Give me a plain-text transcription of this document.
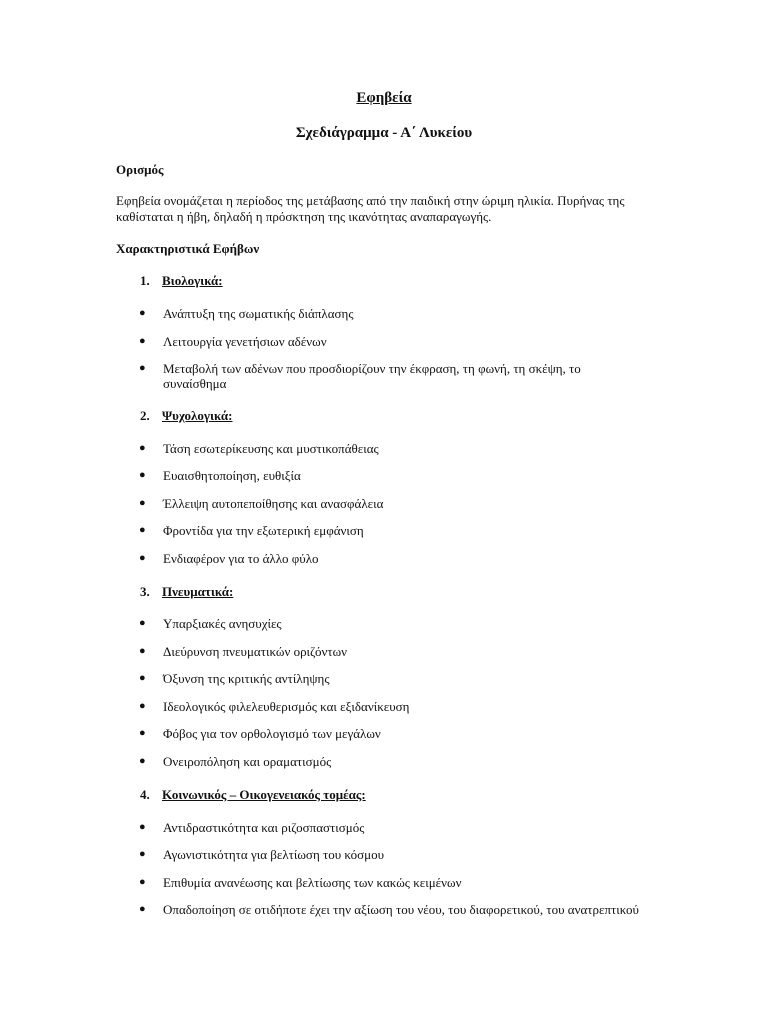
Εφηβεία
Σχεδιάγραμμα - Α΄ Λυκείου
Ορισμός
Εφηβεία ονομάζεται η περίοδος της μετάβασης από την παιδική στην ώριμη ηλικία. Πυρήνας της καθίσταται η ήβη, δηλαδή η πρόσκτηση της ικανότητας αναπαραγωγής.
Χαρακτηριστικά Εφήβων
1. Βιολογικά:
● Ανάπτυξη της σωματικής διάπλασης
● Λειτουργία γενετήσιων αδένων
● Μεταβολή των αδένων που προσδιορίζουν την έκφραση, τη φωνή, τη σκέψη, το συναίσθημα
2. Ψυχολογικά:
● Τάση εσωτερίκευσης και μυστικοπάθειας
● Ευαισθητοποίηση, ευθιξία
● Έλλειψη αυτοπεποίθησης και ανασφάλεια
● Φροντίδα για την εξωτερική εμφάνιση
● Ενδιαφέρον για το άλλο φύλο
3. Πνευματικά:
● Υπαρξιακές ανησυχίες
● Διεύρυνση πνευματικών οριζόντων
● Όξυνση της κριτικής αντίληψης
● Ιδεολογικός φιλελευθερισμός και εξιδανίκευση
● Φόβος για τον ορθολογισμό των μεγάλων
● Ονειροπόληση και οραματισμός
4. Κοινωνικός – Οικογενειακός τομέας:
● Αντιδραστικότητα και ριζοσπαστισμός
● Αγωνιστικότητα για βελτίωση του κόσμου
● Επιθυμία ανανέωσης και βελτίωσης των κακώς κειμένων
● Οπαδοποίηση σε οτιδήποτε έχει την αξίωση του νέου, του διαφορετικού, του ανατρεπτικού
